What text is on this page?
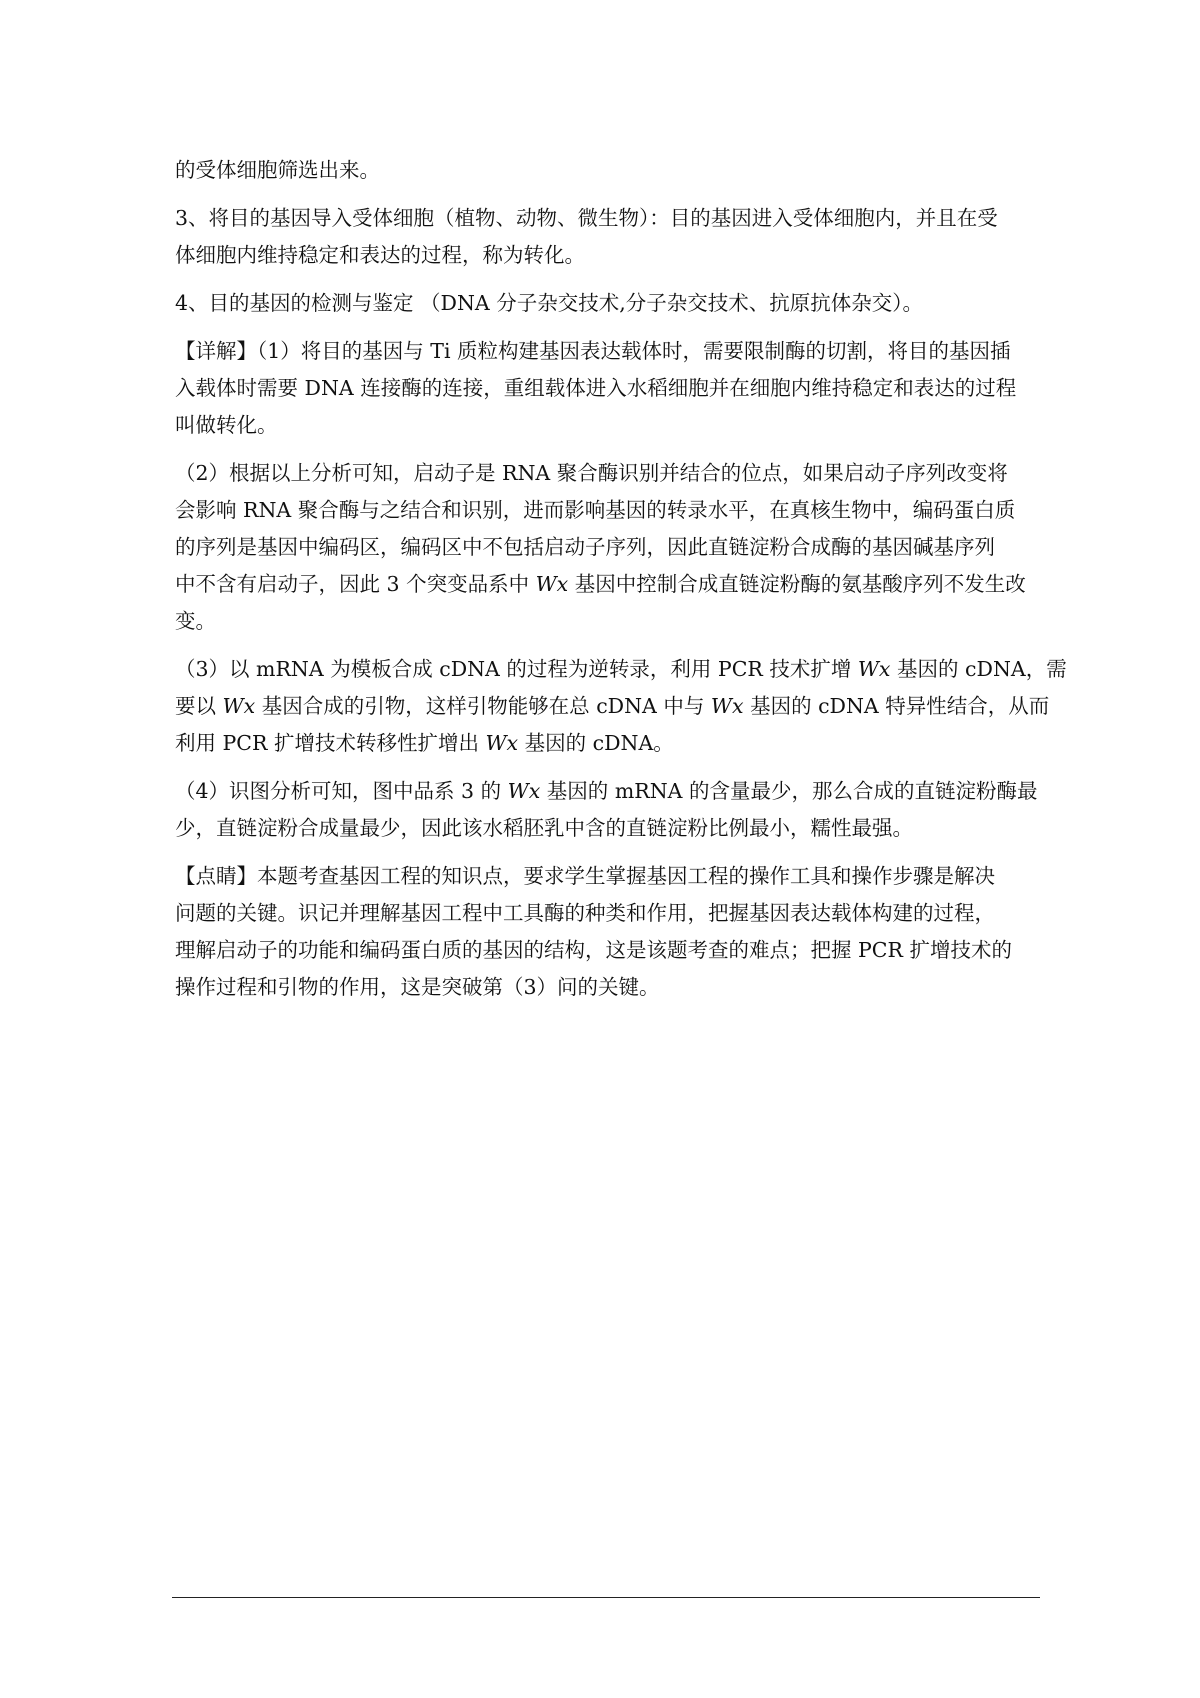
的受体细胞筛选出来。
3、将目的基因导入受体细胞（植物、动物、微生物）：目的基因进入受体细胞内，并且在受
体细胞内维持稳定和表达的过程，称为转化。
4、目的基因的检测与鉴定 （DNA 分子杂交技术,分子杂交技术、抗原抗体杂交）。
【详解】（1）将目的基因与 Ti 质粒构建基因表达载体时，需要限制酶的切割，将目的基因插
入载体时需要 DNA 连接酶的连接，重组载体进入水稻细胞并在细胞内维持稳定和表达的过程
叫做转化。
（2）根据以上分析可知，启动子是 RNA 聚合酶识别并结合的位点，如果启动子序列改变将
会影响 RNA 聚合酶与之结合和识别，进而影响基因的转录水平，在真核生物中，编码蛋白质
的序列是基因中编码区，编码区中不包括启动子序列，因此直链淀粉合成酶的基因碱基序列
中不含有启动子，因此 3 个突变品系中 Wx 基因中控制合成直链淀粉酶的氨基酸序列不发生改
变。
（3）以 mRNA 为模板合成 cDNA 的过程为逆转录，利用 PCR 技术扩增 Wx 基因的 cDNA，需
要以 Wx 基因合成的引物，这样引物能够在总 cDNA 中与 Wx 基因的 cDNA 特异性结合，从而
利用 PCR 扩增技术转移性扩增出 Wx 基因的 cDNA。
（4）识图分析可知，图中品系 3 的 Wx 基因的 mRNA 的含量最少，那么合成的直链淀粉酶最
少，直链淀粉合成量最少，因此该水稻胚乳中含的直链淀粉比例最小，糯性最强。
【点睛】本题考查基因工程的知识点，要求学生掌握基因工程的操作工具和操作步骤是解决
问题的关键。识记并理解基因工程中工具酶的种类和作用，把握基因表达载体构建的过程，
理解启动子的功能和编码蛋白质的基因的结构，这是该题考查的难点；把握 PCR 扩增技术的
操作过程和引物的作用，这是突破第（3）问的关键。
